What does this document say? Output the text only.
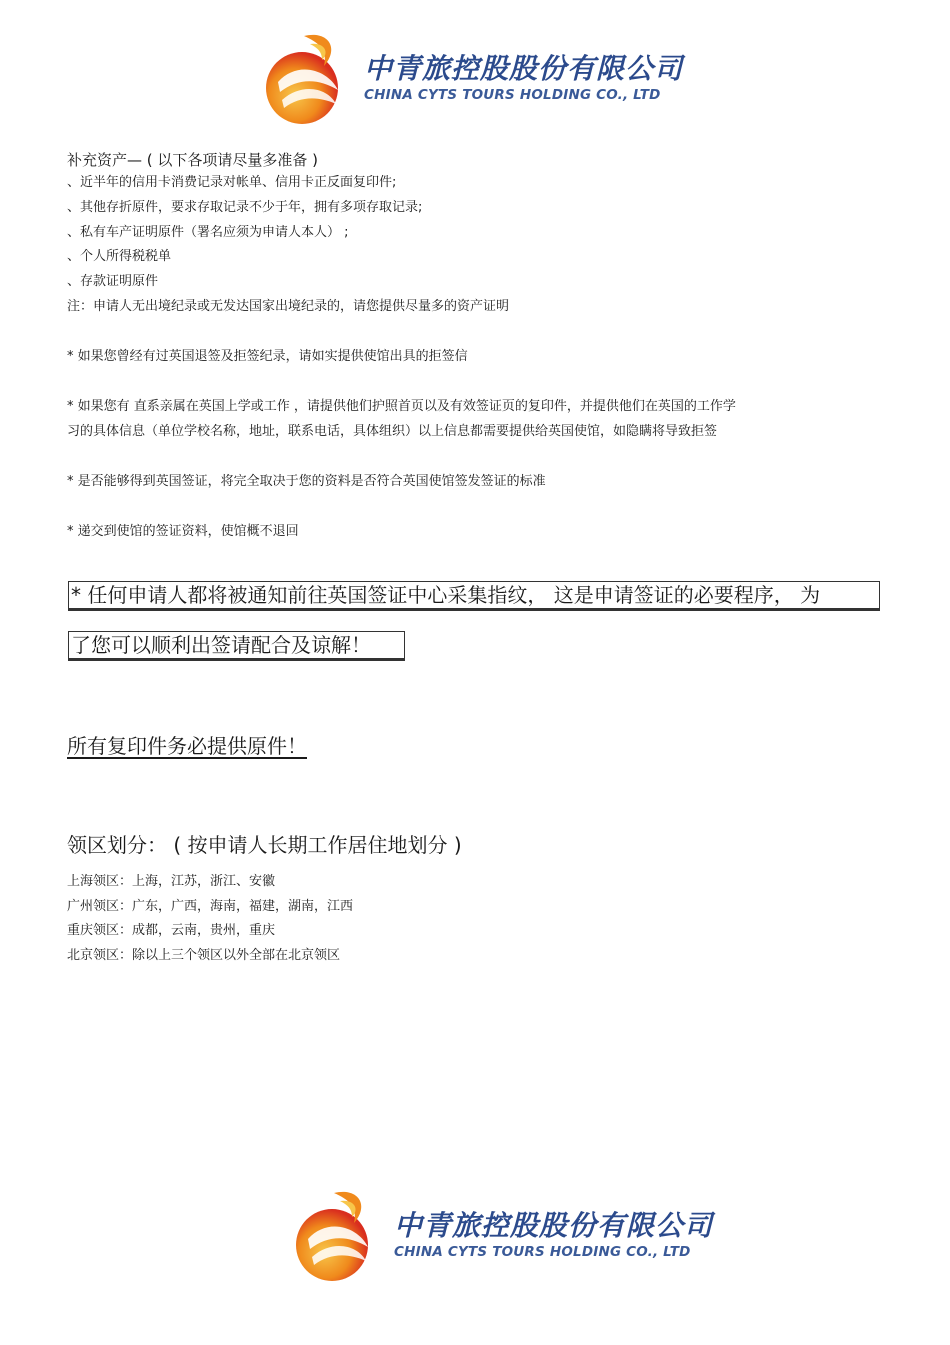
中青旅控股股份有限公司
CHINA CYTS TOURS HOLDING CO., LTD
补充资产— ( 以下各项请尽量多准备 )
、近半年的信用卡消费记录对帐单、信用卡正反面复印件;
、其他存折原件，要求存取记录不少于年，拥有多项存取记录;
、私有车产证明原件（署名应须为申请人本人） ;
、个人所得税税单
、存款证明原件
注：申请人无出境纪录或无发达国家出境纪录的，请您提供尽量多的资产证明
* 如果您曾经有过英国退签及拒签纪录，请如实提供使馆出具的拒签信
* 如果您有 直系亲属在英国上学或工作 ，请提供他们护照首页以及有效签证页的复印件，并提供他们在英国的工作学
习的具体信息（单位学校名称，地址，联系电话，具体组织）以上信息都需要提供给英国使馆，如隐瞒将导致拒签
* 是否能够得到英国签证，将完全取决于您的资料是否符合英国使馆签发签证的标准
* 递交到使馆的签证资料，使馆概不退回
* 任何申请人都将被通知前往英国签证中心采集指纹， 这是申请签证的必要程序， 为
了您可以顺利出签请配合及谅解！
所有复印件务必提供原件！
领区划分： ( 按申请人长期工作居住地划分 )
上海领区：上海，江苏，浙江、安徽
广州领区：广东，广西，海南，福建，湖南，江西
重庆领区：成都，云南，贵州，重庆
北京领区：除以上三个领区以外全部在北京领区
中青旅控股股份有限公司
CHINA CYTS TOURS HOLDING CO., LTD
